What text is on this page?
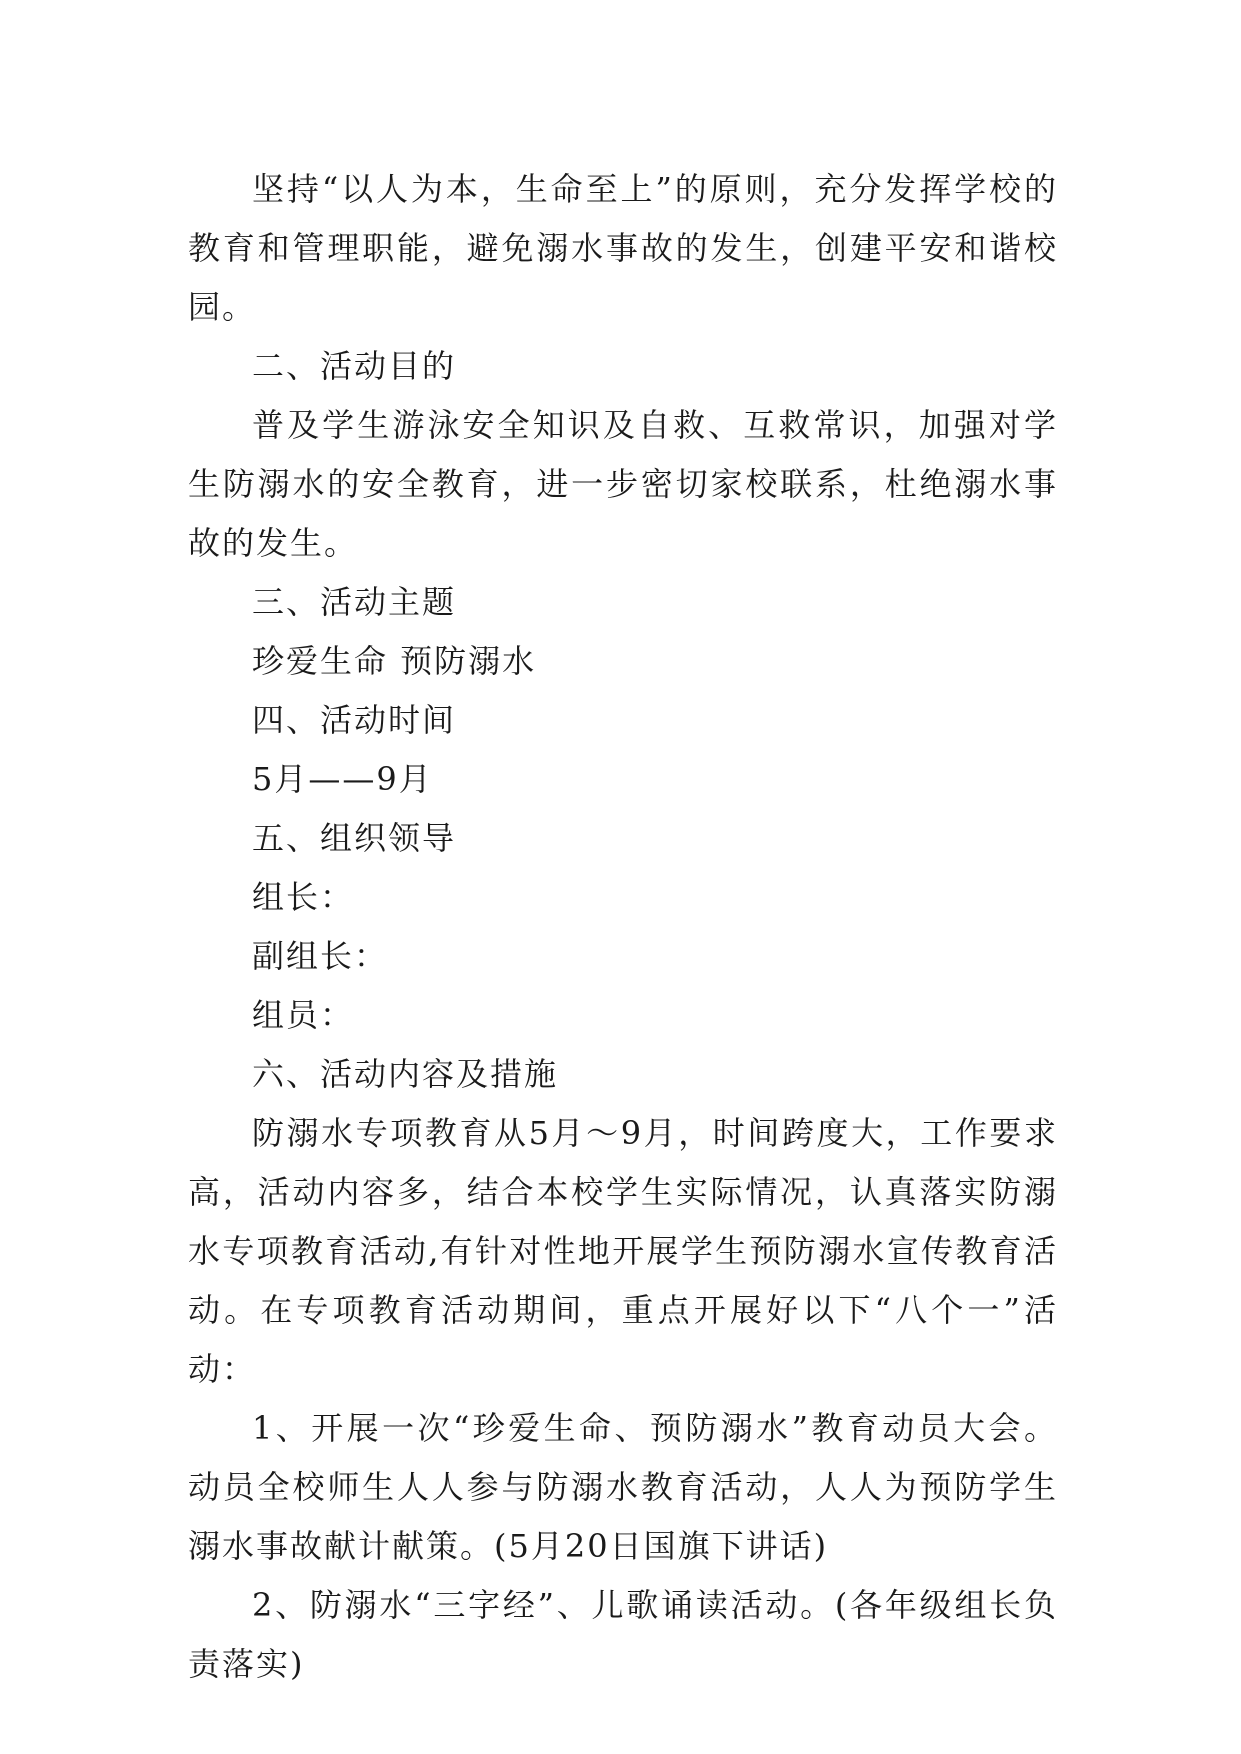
坚持“以人为本，生命至上”的原则，充分发挥学校的教育和管理职能，避免溺水事故的发生，创建平安和谐校园。

二、活动目的

普及学生游泳安全知识及自救、互救常识，加强对学生防溺水的安全教育，进一步密切家校联系，杜绝溺水事故的发生。

三、活动主题

珍爱生命 预防溺水

四、活动时间

5月——9月

五、组织领导

组长：

副组长：

组员：

六、活动内容及措施

防溺水专项教育从5月～9月，时间跨度大，工作要求高，活动内容多，结合本校学生实际情况，认真落实防溺水专项教育活动,有针对性地开展学生预防溺水宣传教育活动。在专项教育活动期间，重点开展好以下“八个一”活动：

1、开展一次“珍爱生命、预防溺水”教育动员大会。动员全校师生人人参与防溺水教育活动，人人为预防学生溺水事故献计献策。(5月20日国旗下讲话)

2、防溺水“三字经”、儿歌诵读活动。(各年级组长负责落实)
